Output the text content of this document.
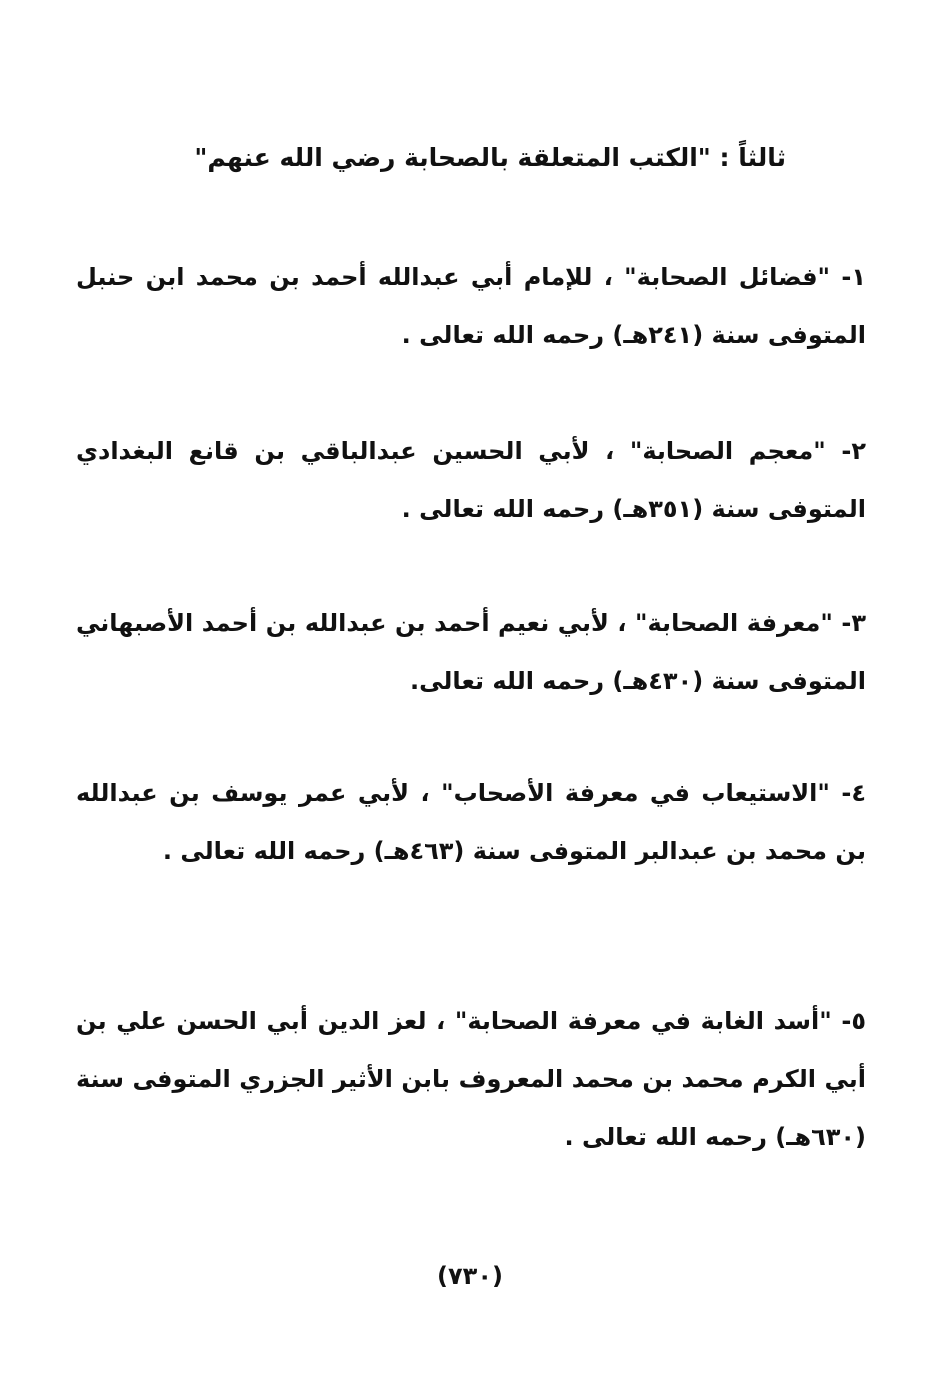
ثالثاً : "الكتب المتعلقة بالصحابة رضي الله عنهم"

١- "فضائل الصحابة" ، للإمام أبي عبدالله أحمد بن محمد ابن حنبل المتوفى سنة (٢٤١هـ) رحمه الله تعالى .

٢- "معجم الصحابة" ، لأبي الحسين عبدالباقي بن قانع البغدادي المتوفى سنة (٣٥١هـ) رحمه الله تعالى .

٣- "معرفة الصحابة" ، لأبي نعيم أحمد بن عبدالله بن أحمد الأصبهاني المتوفى سنة (٤٣٠هـ) رحمه الله تعالى.

٤- "الاستيعاب في معرفة الأصحاب" ، لأبي عمر يوسف بن عبدالله بن محمد بن عبدالبر المتوفى سنة (٤٦٣هـ) رحمه الله تعالى .

٥- "أسد الغابة في معرفة الصحابة" ، لعز الدين أبي الحسن علي بن أبي الكرم محمد بن محمد المعروف بابن الأثير الجزري المتوفى سنة (٦٣٠هـ) رحمه الله تعالى .

(٧٣٠)
